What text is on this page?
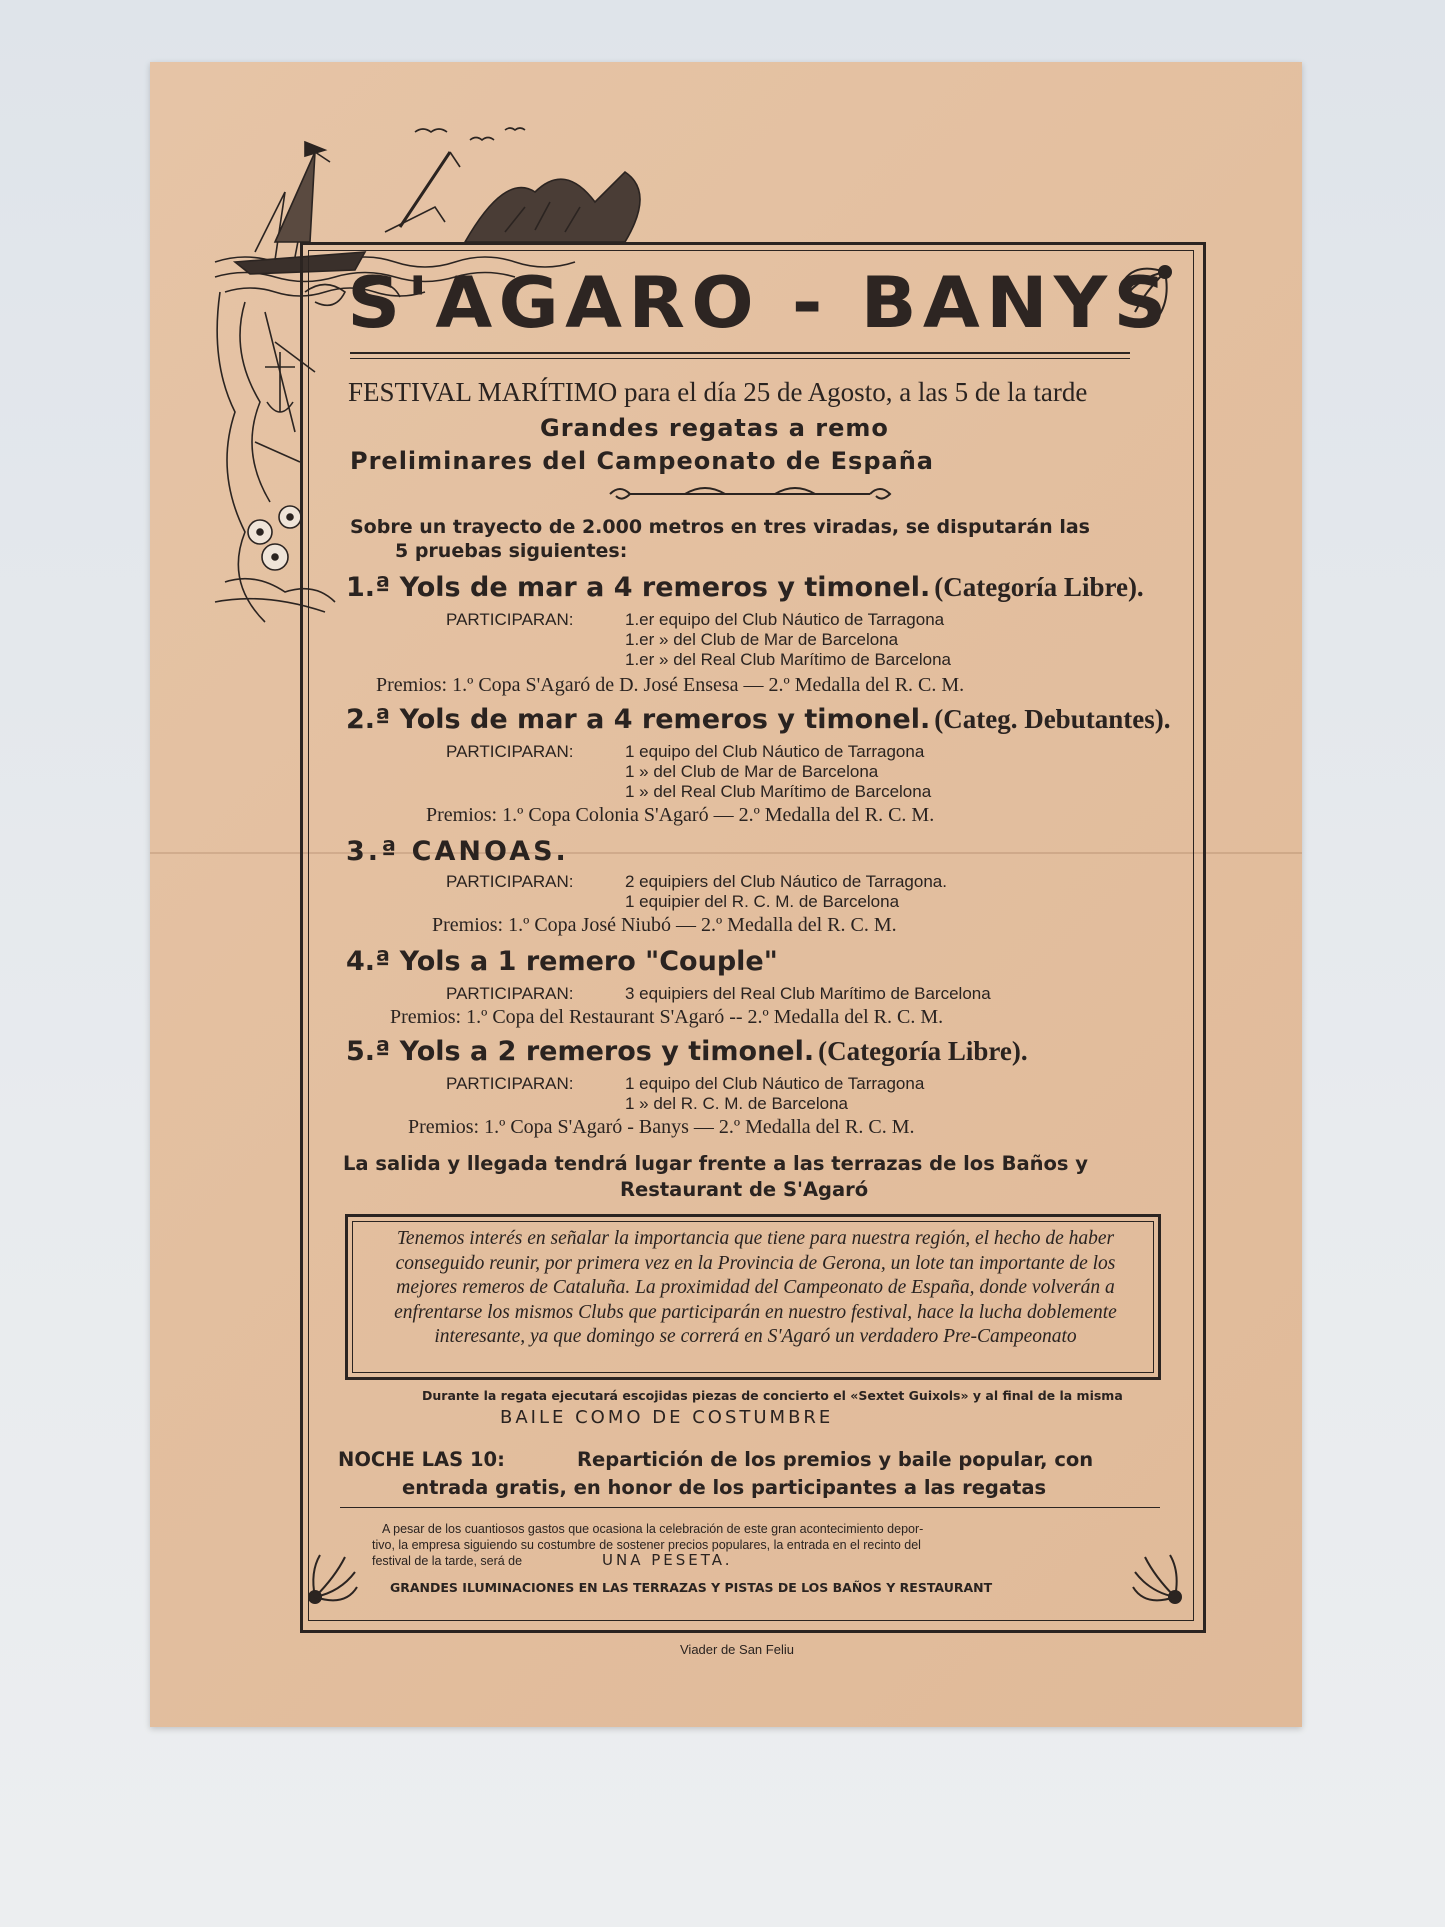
S'AGARO - BANYS
FESTIVAL MARÍTIMO para el día 25 de Agosto, a las 5 de la tarde
Grandes regatas a remo
Preliminares del Campeonato de España
Sobre un trayecto de 2.000 metros en tres viradas, se disputarán las
5 pruebas siguientes:
1.ª Yols de mar a 4 remeros y timonel. (Categoría Libre).
PARTICIPARAN:	1.er equipo del Club Náutico de Tarragona
1.er » del Club de Mar de Barcelona
1.er » del Real Club Marítimo de Barcelona
Premios: 1.º Copa S'Agaró de D. José Ensesa — 2.º Medalla del R. C. M.
2.ª Yols de mar a 4 remeros y timonel. (Categ. Debutantes).
PARTICIPARAN:	1 equipo del Club Náutico de Tarragona
1 » del Club de Mar de Barcelona
1 » del Real Club Marítimo de Barcelona
Premios: 1.º Copa Colonia S'Agaró — 2.º Medalla del R. C. M.
3.ª CANOAS.
PARTICIPARAN:	2 equipiers del Club Náutico de Tarragona.
1 equipier del R. C. M. de Barcelona
Premios: 1.º Copa José Niubó — 2.º Medalla del R. C. M.
4.ª Yols a 1 remero "Couple"
PARTICIPARAN:	3 equipiers del Real Club Marítimo de Barcelona
Premios: 1.º Copa del Restaurant S'Agaró -- 2.º Medalla del R. C. M.
5.ª Yols a 2 remeros y timonel. (Categoría Libre).
PARTICIPARAN:	1 equipo del Club Náutico de Tarragona
1 » del R. C. M. de Barcelona
Premios: 1.º Copa S'Agaró - Banys — 2.º Medalla del R. C. M.
La salida y llegada tendrá lugar frente a las terrazas de los Baños y
Restaurant de S'Agaró
Tenemos interés en señalar la importancia que tiene para nuestra región, el hecho de haber conseguido reunir, por primera vez en la Provincia de Gerona, un lote tan importante de los mejores remeros de Cataluña. La proximidad del Campeonato de España, donde volverán a enfrentarse los mismos Clubs que participarán en nuestro festival, hace la lucha doblemente interesante, ya que domingo se correrá en S'Agaró un verdadero Pre-Campeonato
Durante la regata ejecutará escojidas piezas de concierto el «Sextet Guixols» y al final de la misma
BAILE COMO DE COSTUMBRE
NOCHE LAS 10:	Repartición de los premios y baile popular, con
entrada gratis, en honor de los participantes a las regatas
A pesar de los cuantiosos gastos que ocasiona la celebración de este gran acontecimiento depor-
tivo, la empresa siguiendo su costumbre de sostener precios populares, la entrada en el recinto del
festival de la tarde, será de	UNA PESETA.
GRANDES ILUMINACIONES EN LAS TERRAZAS Y PISTAS DE LOS BAÑOS Y RESTAURANT
Viader de San Feliu
